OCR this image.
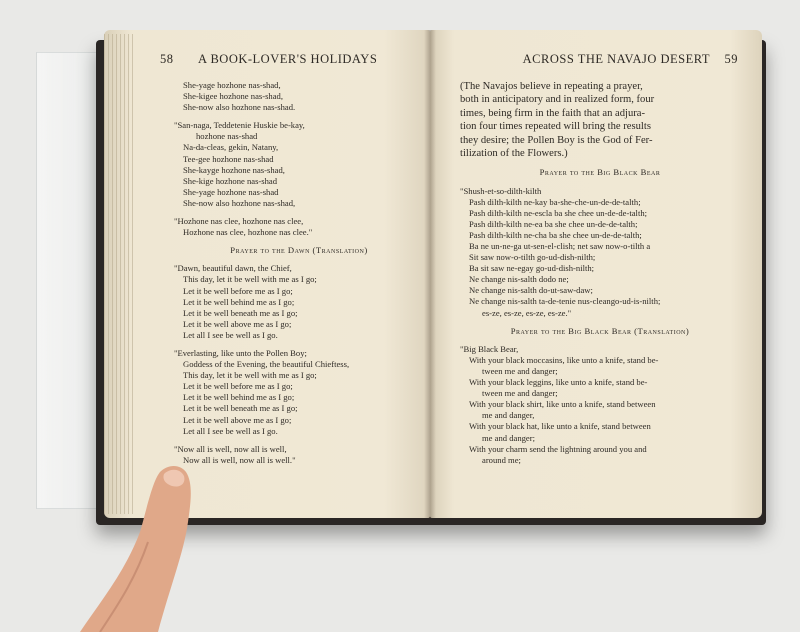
58 A BOOK-LOVER'S HOLIDAYS
She-yage hozhone nas-shad,
She-kigee hozhone nas-shad,
She-now also hozhone nas-shad.
"San-naga, Teddetenie Huskie be-kay,
hozhone nas-shad
Na-da-cleas, gekin, Natany,
Tee-gee hozhone nas-shad
She-kayge hozhone nas-shad,
She-kige hozhone nas-shad
She-yage hozhone nas-shad
She-now also hozhone nas-shad,
"Hozhone nas clee, hozhone nas clee,
Hozhone nas clee, hozhone nas clee."
Prayer to the Dawn (Translation)
"Dawn, beautiful dawn, the Chief,
This day, let it be well with me as I go;
Let it be well before me as I go;
Let it be well behind me as I go;
Let it be well beneath me as I go;
Let it be well above me as I go;
Let all I see be well as I go.
"Everlasting, like unto the Pollen Boy;
Goddess of the Evening, the beautiful Chieftess,
This day, let it be well with me as I go;
Let it be well before me as I go;
Let it be well behind me as I go;
Let it be well beneath me as I go;
Let it be well above me as I go;
Let all I see be well as I go.
"Now all is well, now all is well,
Now all is well, now all is well."
ACROSS THE NAVAJO DESERT 59
(The Navajos believe in repeating a prayer,
both in anticipatory and in realized form, four
times, being firm in the faith that an adjura-
tion four times repeated will bring the results
they desire; the Pollen Boy is the God of Fer-
tilization of the Flowers.)
Prayer to the Big Black Bear
"Shush-et-so-dilth-kilth
Pash dilth-kilth ne-kay ba-she-che-un-de-de-talth;
Pash dilth-kilth ne-escla ba she chee un-de-de-talth;
Pash dilth-kilth ne-ea ba she chee un-de-de-talth;
Pash dilth-kilth ne-cha ba she chee un-de-de-talth;
Ba ne un-ne-ga ut-sen-el-clish; net saw now-o-tilth a
Sit saw now-o-tilth go-ud-dish-nilth;
Ba sit saw ne-egay go-ud-dish-nilth;
Ne change nis-salth dodo ne;
Ne change nis-salth do-ut-saw-daw;
Ne change nis-salth ta-de-tenie nus-cleango-ud-is-nilth;
es-ze, es-ze, es-ze, es-ze."
Prayer to the Big Black Bear (Translation)
"Big Black Bear,
With your black moccasins, like unto a knife, stand be-
tween me and danger;
With your black leggins, like unto a knife, stand be-
tween me and danger;
With your black shirt, like unto a knife, stand between
me and danger,
With your black hat, like unto a knife, stand between
me and danger;
With your charm send the lightning around you and
around me;
